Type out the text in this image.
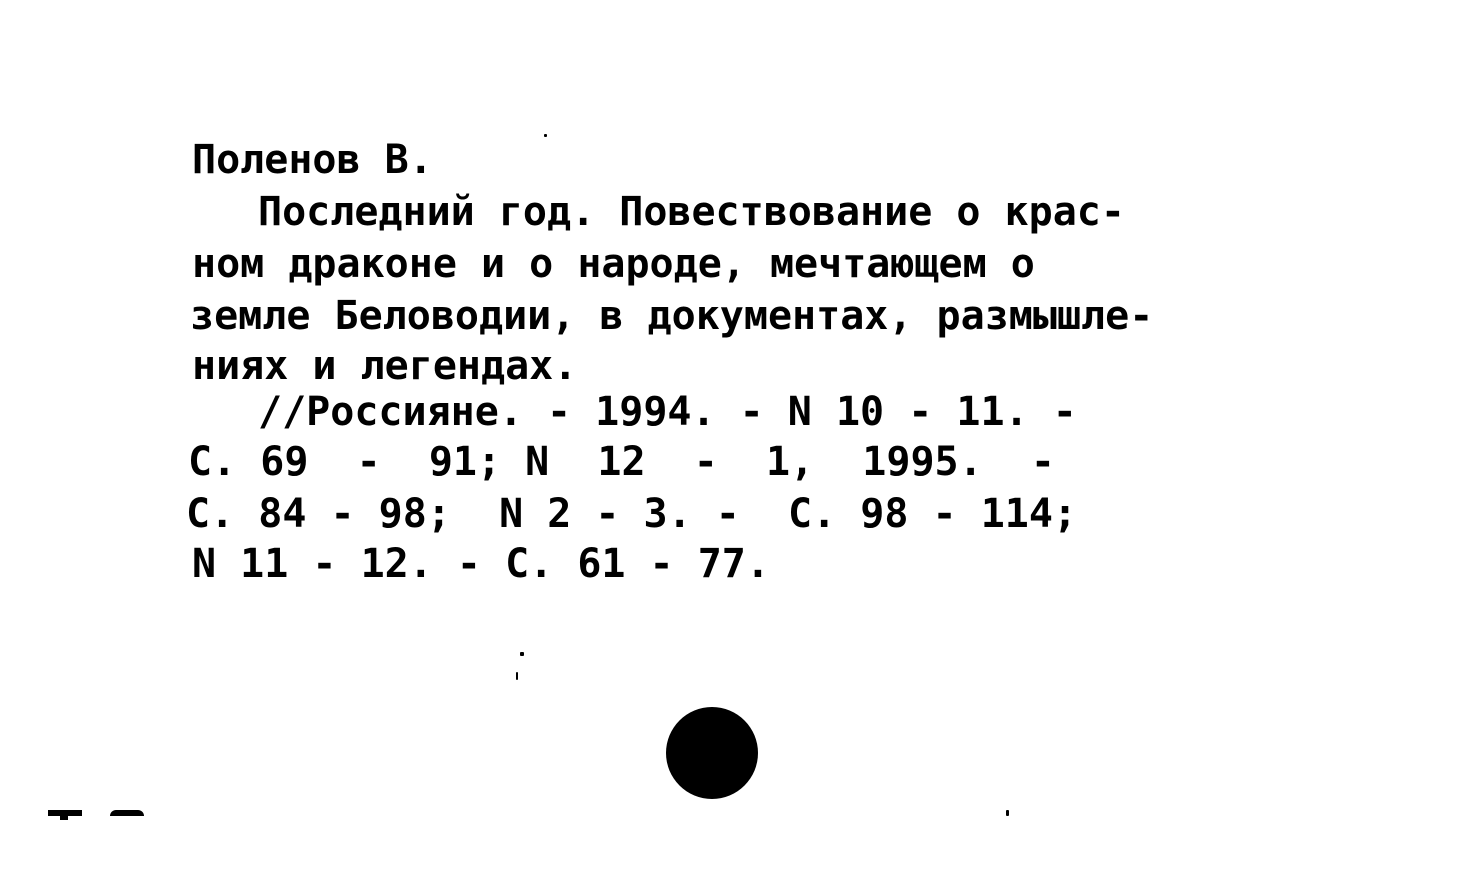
Поленов В.
Последний год. Повествование о крас-
ном драконе и о народе, мечтающем о
земле Беловодии, в документах, размышле-
ниях и легендах.
//Россияне. - 1994. - N 10 - 11. -
С. 69  -  91; N  12  -  1,  1995.  -
С. 84 - 98;  N 2 - 3. -  С. 98 - 114;
N 11 - 12. - С. 61 - 77.
